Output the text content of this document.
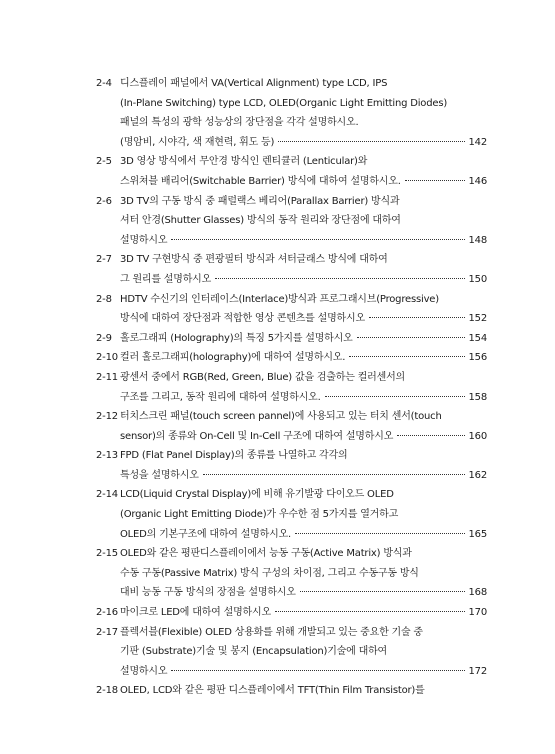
2-4 디스플레이 패널에서 VA(Vertical Alignment) type LCD, IPS
(In-Plane Switching) type LCD, OLED(Organic Light Emitting Diodes)
패널의 특성의 광학 성능상의 장단점을 각각 설명하시오.
(명암비, 시야각, 색 재현력, 휘도 등)	142
2-5 3D 영상 방식에서 무안경 방식인 렌티큘러 (Lenticular)와
스위쳐블 배리어(Switchable Barrier) 방식에 대하여 설명하시오.	146
2-6 3D TV의 구동 방식 중 패럴랙스 베리어(Parallax Barrier) 방식과
셔터 안경(Shutter Glasses) 방식의 동작 원리와 장단점에 대하여
설명하시오	148
2-7 3D TV 구현방식 중 편광필터 방식과 셔터글래스 방식에 대하여
그 원리를 설명하시오	150
2-8 HDTV 수신기의 인터레이스(Interlace)방식과 프로그래시브(Progressive)
방식에 대하여 장단점과 적합한 영상 콘텐츠를 설명하시오	152
2-9 홀로그래피 (Holography)의 특징 5가지를 설명하시오	154
2-10 컬러 홀로그래피(holography)에 대하여 설명하시오.	156
2-11 광센서 중에서 RGB(Red, Green, Blue) 값을 검출하는 컬러센서의
구조를 그리고, 동작 원리에 대하여 설명하시오.	158
2-12 터치스크린 패널(touch screen pannel)에 사용되고 있는 터치 센서(touch
sensor)의 종류와 On-Cell 및 In-Cell 구조에 대하여 설명하시오	160
2-13 FPD (Flat Panel Display)의 종류를 나열하고 각각의
특성을 설명하시오	162
2-14 LCD(Liquid Crystal Display)에 비해 유기발광 다이오드 OLED
(Organic Light Emitting Diode)가 우수한 점 5가지를 열거하고
OLED의 기본구조에 대하여 설명하시오.	165
2-15 OLED와 같은 평판디스플레이에서 능동 구동(Active Matrix) 방식과
수동 구동(Passive Matrix) 방식 구성의 차이점, 그리고 수동구동 방식
대비 능동 구동 방식의 장점을 설명하시오	168
2-16 마이크로 LED에 대하여 설명하시오	170
2-17 플렉서블(Flexible) OLED 상용화를 위해 개발되고 있는 중요한 기술 중
기판 (Substrate)기술 및 봉지 (Encapsulation)기술에 대하여
설명하시오	172
2-18 OLED, LCD와 같은 평판 디스플레이에서 TFT(Thin Film Transistor)를
